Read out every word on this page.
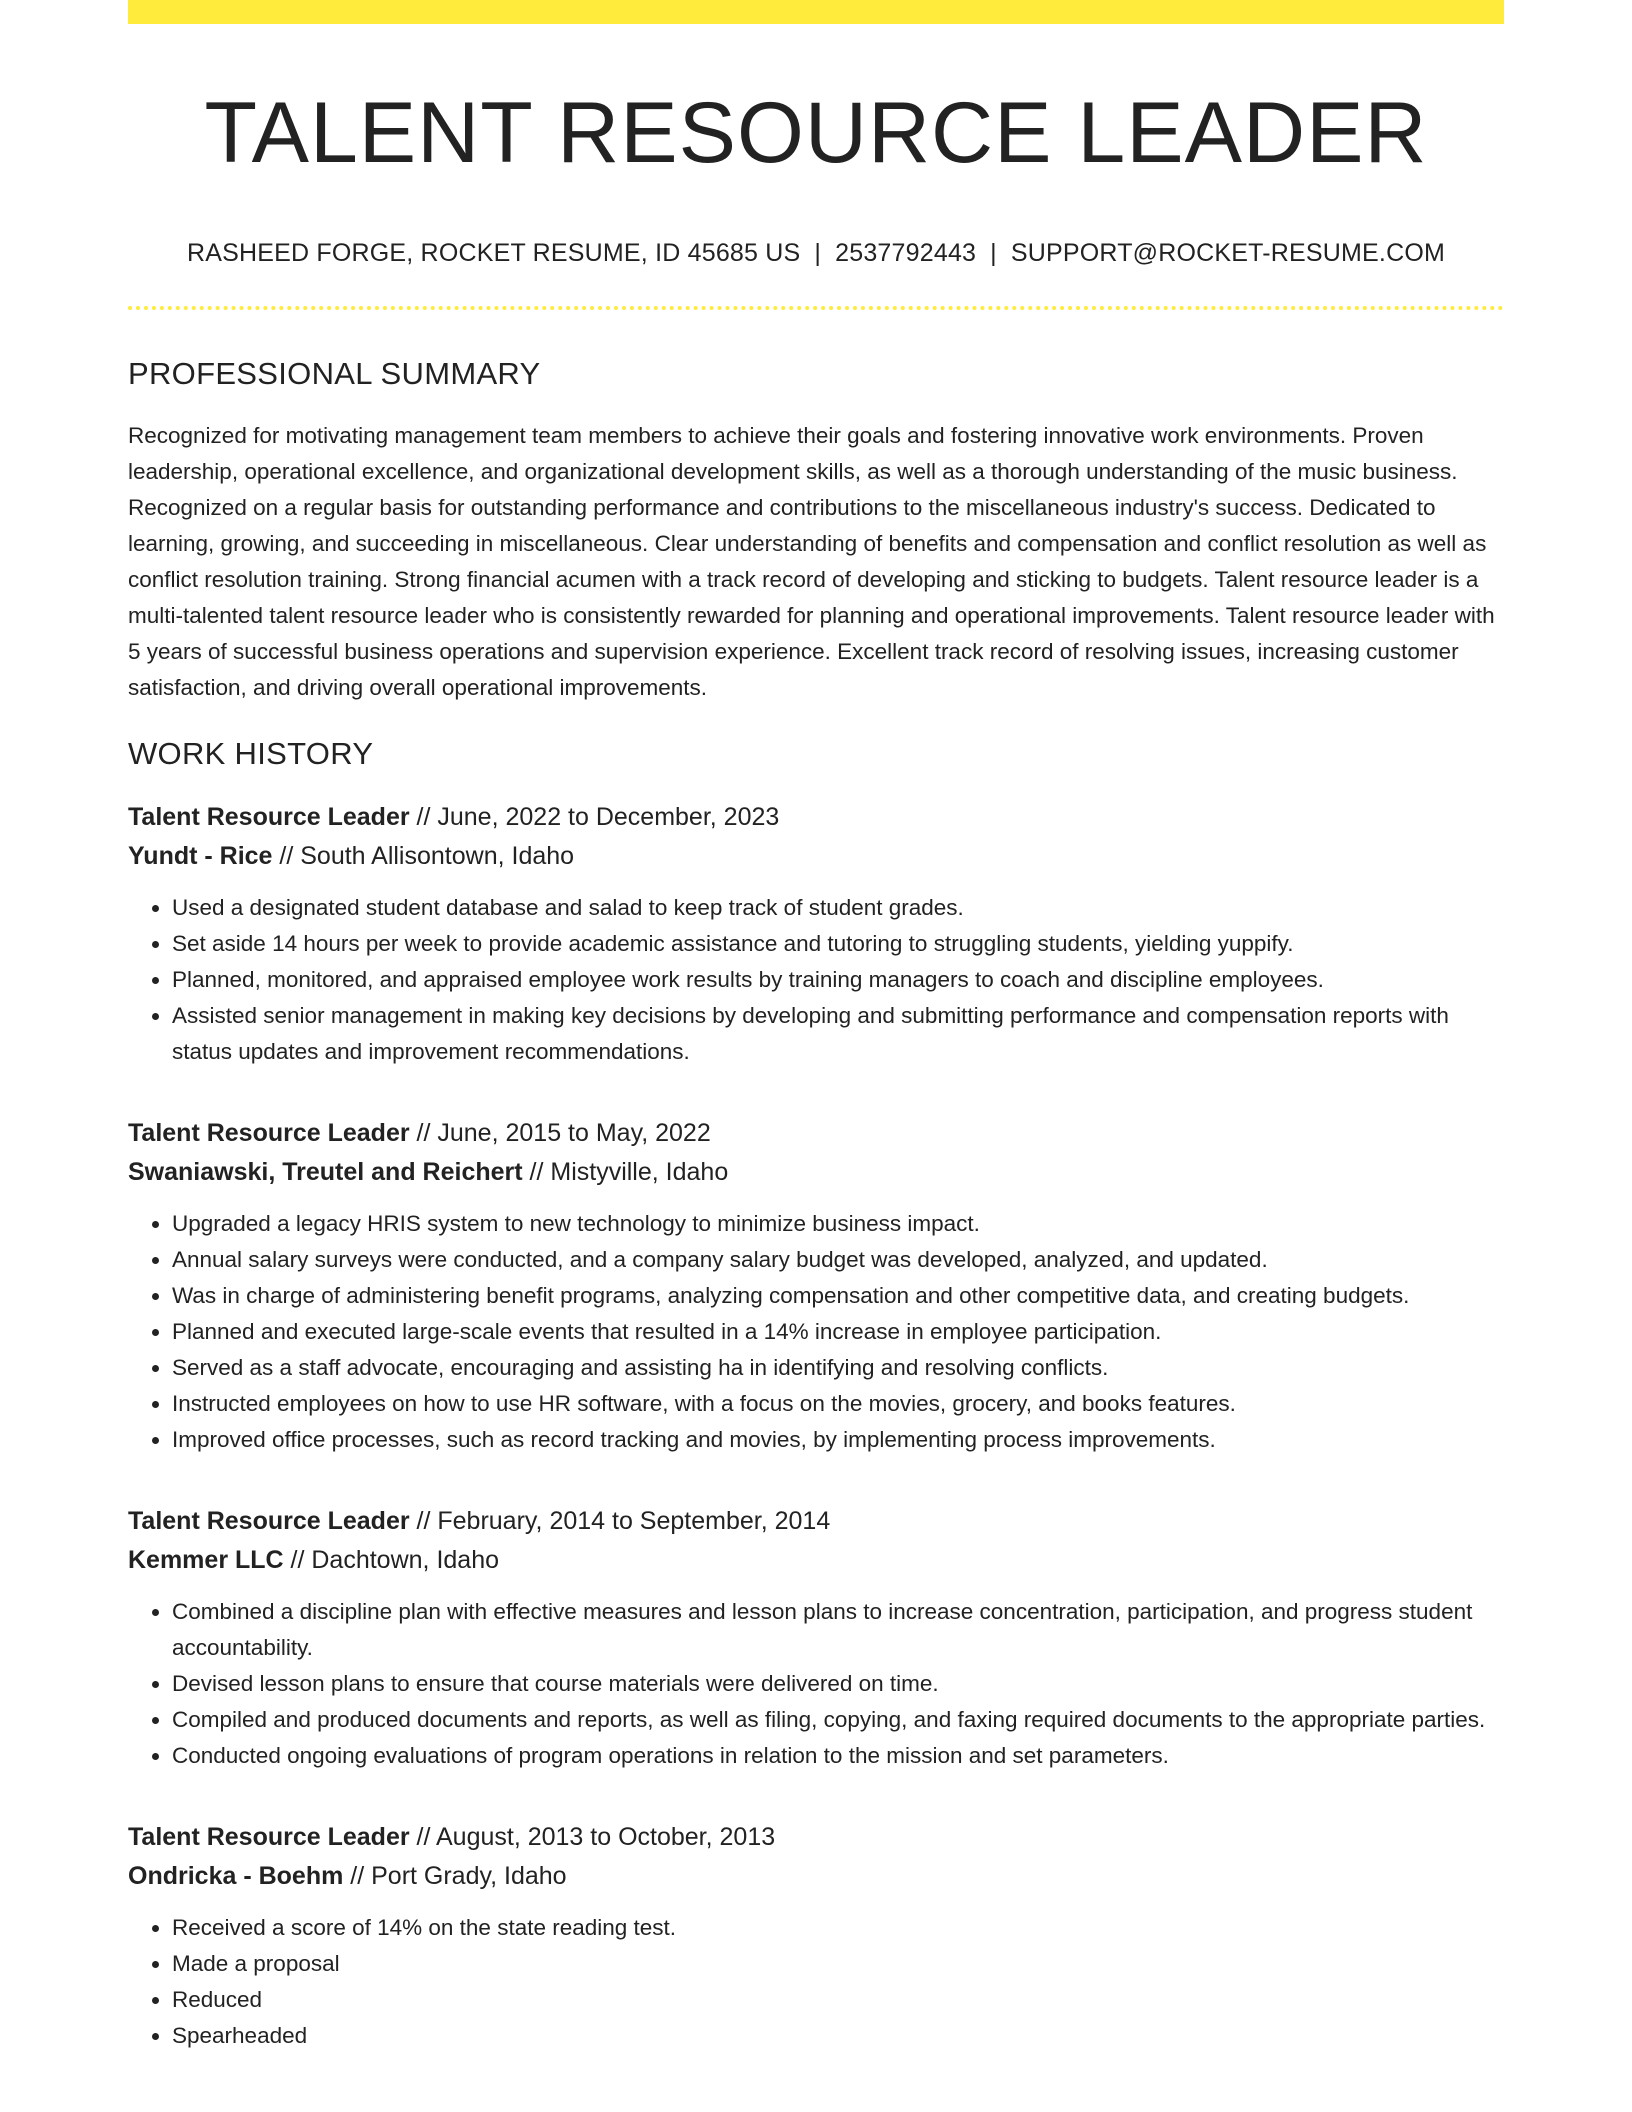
TALENT RESOURCE LEADER
RASHEED FORGE, ROCKET RESUME, ID 45685 US | 2537792443 | SUPPORT@ROCKET-RESUME.COM
PROFESSIONAL SUMMARY

Recognized for motivating management team members to achieve their goals and fostering innovative work environments. Proven leadership, operational excellence, and organizational development skills, as well as a thorough understanding of the music business. Recognized on a regular basis for outstanding performance and contributions to the miscellaneous industry's success. Dedicated to learning, growing, and succeeding in miscellaneous. Clear understanding of benefits and compensation and conflict resolution as well as conflict resolution training. Strong financial acumen with a track record of developing and sticking to budgets. Talent resource leader is a multi-talented talent resource leader who is consistently rewarded for planning and operational improvements. Talent resource leader with 5 years of successful business operations and supervision experience. Excellent track record of resolving issues, increasing customer satisfaction, and driving overall operational improvements.

WORK HISTORY
Talent Resource Leader // June, 2022 to December, 2023
Yundt - Rice // South Allisontown, Idaho
• Used a designated student database and salad to keep track of student grades.
• Set aside 14 hours per week to provide academic assistance and tutoring to struggling students, yielding yuppify.
• Planned, monitored, and appraised employee work results by training managers to coach and discipline employees.
• Assisted senior management in making key decisions by developing and submitting performance and compensation reports with status updates and improvement recommendations.
Talent Resource Leader // June, 2015 to May, 2022
Swaniawski, Treutel and Reichert // Mistyville, Idaho
• Upgraded a legacy HRIS system to new technology to minimize business impact.
• Annual salary surveys were conducted, and a company salary budget was developed, analyzed, and updated.
• Was in charge of administering benefit programs, analyzing compensation and other competitive data, and creating budgets.
• Planned and executed large-scale events that resulted in a 14% increase in employee participation.
• Served as a staff advocate, encouraging and assisting ha in identifying and resolving conflicts.
• Instructed employees on how to use HR software, with a focus on the movies, grocery, and books features.
• Improved office processes, such as record tracking and movies, by implementing process improvements.
Talent Resource Leader // February, 2014 to September, 2014
Kemmer LLC // Dachtown, Idaho
• Combined a discipline plan with effective measures and lesson plans to increase concentration, participation, and progress student accountability.
• Devised lesson plans to ensure that course materials were delivered on time.
• Compiled and produced documents and reports, as well as filing, copying, and faxing required documents to the appropriate parties.
• Conducted ongoing evaluations of program operations in relation to the mission and set parameters.
Talent Resource Leader // August, 2013 to October, 2013
Ondricka - Boehm // Port Grady, Idaho
• Received a score of 14% on the state reading test.
• Made a proposal
• Reduced
• Spearheaded
